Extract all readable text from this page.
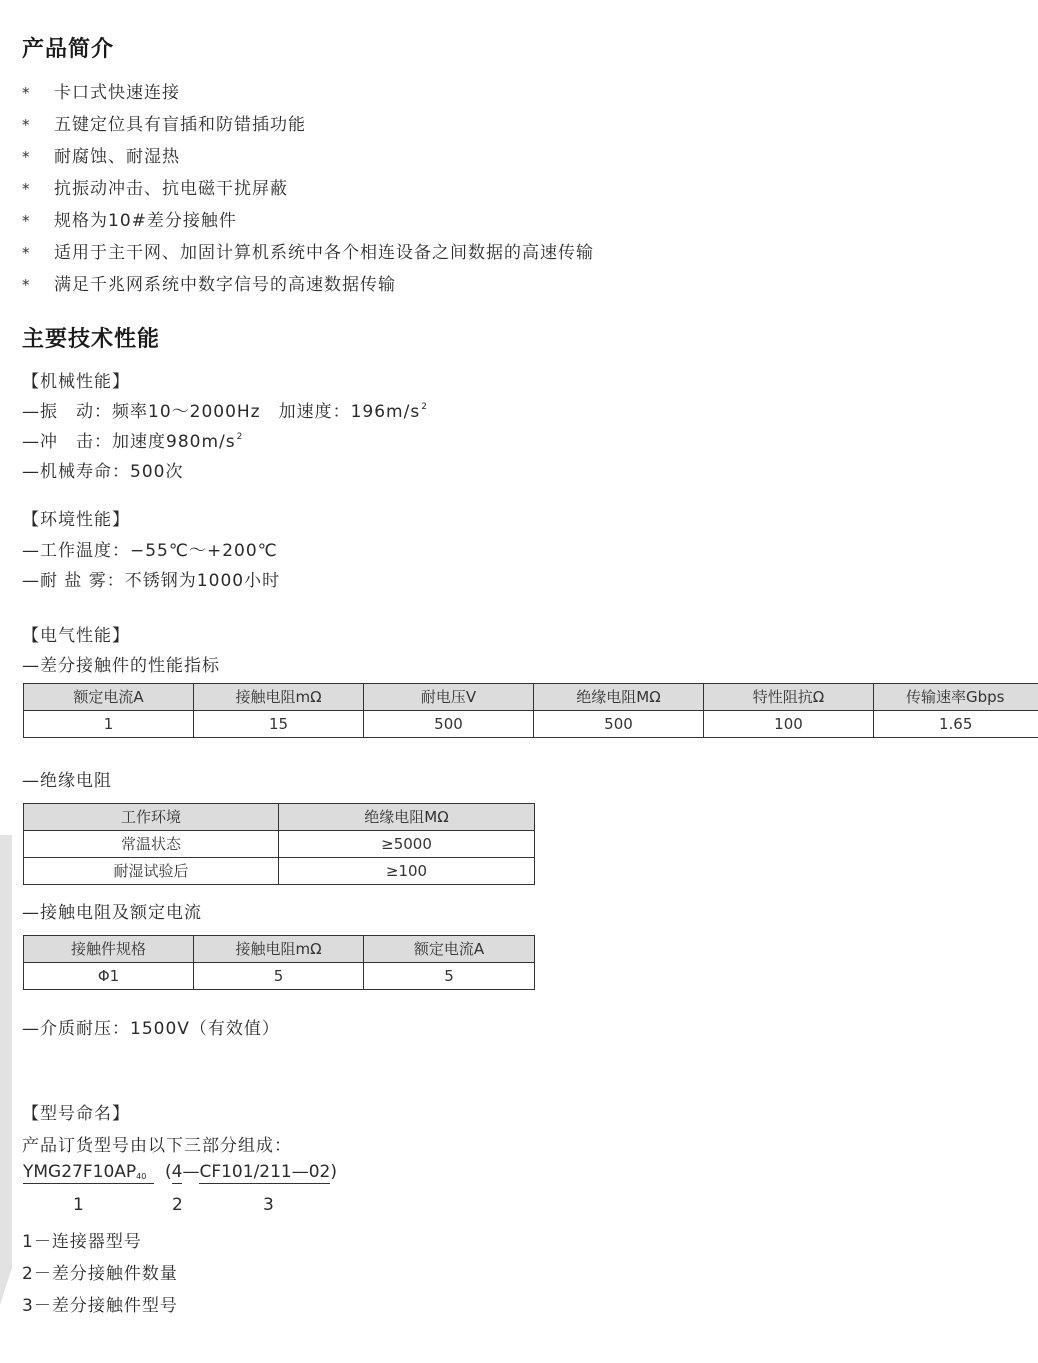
产品简介
* 卡口式快速连接
* 五键定位具有盲插和防错插功能
* 耐腐蚀、耐湿热
* 抗振动冲击、抗电磁干扰屏蔽
* 规格为10#差分接触件
* 适用于主干网、加固计算机系统中各个相连设备之间数据的高速传输
* 满足千兆网系统中数字信号的高速数据传输
主要技术性能
【机械性能】
—振　动：频率10～2000Hz　加速度：$196m/s^2$
—冲　击：加速度$980m/s^2$
—机械寿命：500次
【环境性能】
—工作温度：−55℃～+200℃
—耐 盐 雾：不锈钢为1000小时
【电气性能】
—差分接触件的性能指标
额定电流A	接触电阻mΩ	耐电压V	绝缘电阻MΩ	特性阻抗Ω	传输速率Gbps
1	15	500	500	100	1.65
—绝缘电阻
工作环境	绝缘电阻MΩ
常温状态	≥5000
耐湿试验后	≥100
—接触电阻及额定电流
接触件规格	接触电阻mΩ	额定电流A
Φ1	5	5
—介质耐压：1500V（有效值）
【型号命名】
产品订货型号由以下三部分组成：
$YMG27F10AP_{40}$	(4—CF101/211—02)
1	2	3
1－连接器型号
2－差分接触件数量
3－差分接触件型号
